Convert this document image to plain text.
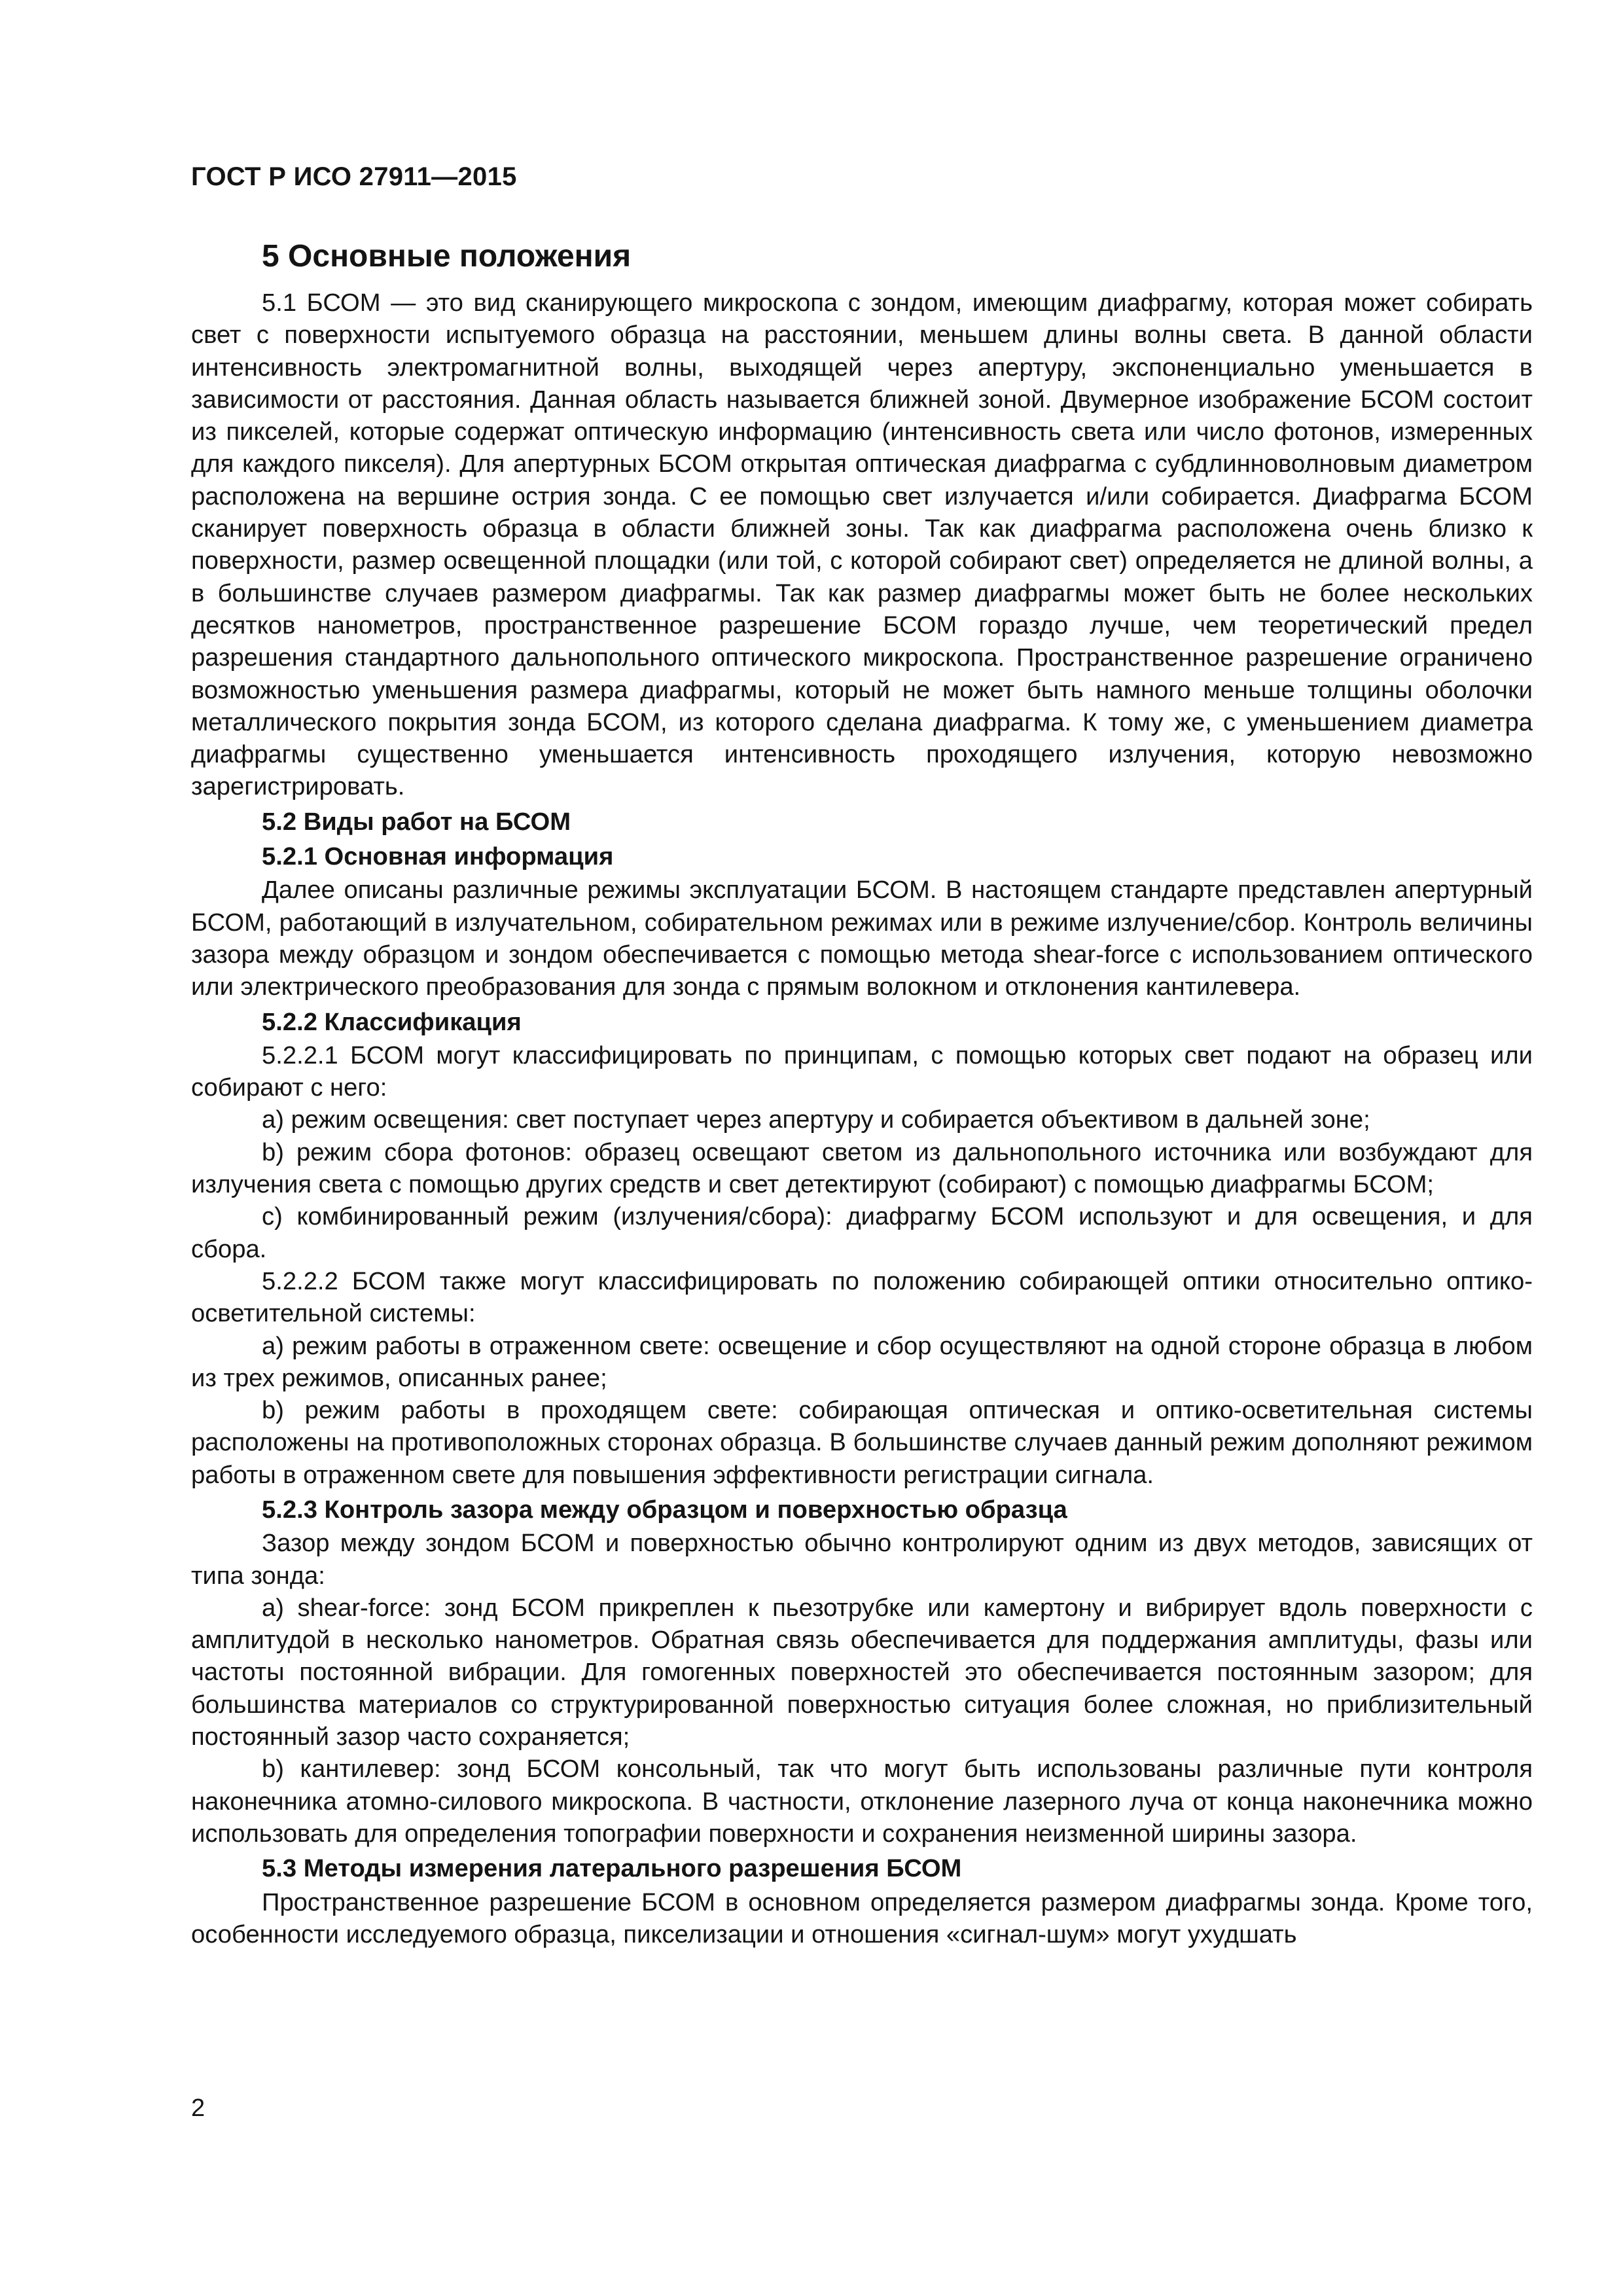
ГОСТ Р ИСО 27911—2015
5 Основные положения

5.1 БСОМ — это вид сканирующего микроскопа с зондом, имеющим диафрагму, которая может собирать свет с поверхности испытуемого образца на расстоянии, меньшем длины волны света. В данной области интенсивность электромагнитной волны, выходящей через апертуру, экспоненциально уменьшается в зависимости от расстояния. Данная область называется ближней зоной. Двумерное изображение БСОМ состоит из пикселей, которые содержат оптическую информацию (интенсивность света или число фотонов, измеренных для каждого пикселя). Для апертурных БСОМ открытая оптическая диафрагма с субдлинноволновым диаметром расположена на вершине острия зонда. С ее помощью свет излучается и/или собирается. Диафрагма БСОМ сканирует поверхность образца в области ближней зоны. Так как диафрагма расположена очень близко к поверхности, размер освещенной площадки (или той, с которой собирают свет) определяется не длиной волны, а в большинстве случаев размером диафрагмы. Так как размер диафрагмы может быть не более нескольких десятков нанометров, пространственное разрешение БСОМ гораздо лучше, чем теоретический предел разрешения стандартного дальнопольного оптического микроскопа. Пространственное разрешение ограничено возможностью уменьшения размера диафрагмы, который не может быть намного меньше толщины оболочки металлического покрытия зонда БСОМ, из которого сделана диафрагма. К тому же, с уменьшением диаметра диафрагмы существенно уменьшается интенсивность проходящего излучения, которую невозможно зарегистрировать.

5.2 Виды работ на БСОМ

5.2.1 Основная информация

Далее описаны различные режимы эксплуатации БСОМ. В настоящем стандарте представлен апертурный БСОМ, работающий в излучательном, собирательном режимах или в режиме излучение/сбор. Контроль величины зазора между образцом и зондом обеспечивается с помощью метода shear-force с использованием оптического или электрического преобразования для зонда с прямым волокном и отклонения кантилевера.

5.2.2 Классификация

5.2.2.1 БСОМ могут классифицировать по принципам, с помощью которых свет подают на образец или собирают с него:

a) режим освещения: свет поступает через апертуру и собирается объективом в дальней зоне;

b) режим сбора фотонов: образец освещают светом из дальнопольного источника или возбуждают для излучения света с помощью других средств и свет детектируют (собирают) с помощью диафрагмы БСОМ;

c) комбинированный режим (излучения/сбора): диафрагму БСОМ используют и для освещения, и для сбора.

5.2.2.2 БСОМ также могут классифицировать по положению собирающей оптики относительно оптико-осветительной системы:

a) режим работы в отраженном свете: освещение и сбор осуществляют на одной стороне образца в любом из трех режимов, описанных ранее;

b) режим работы в проходящем свете: собирающая оптическая и оптико-осветительная системы расположены на противоположных сторонах образца. В большинстве случаев данный режим дополняют режимом работы в отраженном свете для повышения эффективности регистрации сигнала.

5.2.3 Контроль зазора между образцом и поверхностью образца

Зазор между зондом БСОМ и поверхностью обычно контролируют одним из двух методов, зависящих от типа зонда:

a) shear-force: зонд БСОМ прикреплен к пьезотрубке или камертону и вибрирует вдоль поверхности с амплитудой в несколько нанометров. Обратная связь обеспечивается для поддержания амплитуды, фазы или частоты постоянной вибрации. Для гомогенных поверхностей это обеспечивается постоянным зазором; для большинства материалов со структурированной поверхностью ситуация более сложная, но приблизительный постоянный зазор часто сохраняется;

b) кантилевер: зонд БСОМ консольный, так что могут быть использованы различные пути контроля наконечника атомно-силового микроскопа. В частности, отклонение лазерного луча от конца наконечника можно использовать для определения топографии поверхности и сохранения неизменной ширины зазора.

5.3 Методы измерения латерального разрешения БСОМ

Пространственное разрешение БСОМ в основном определяется размером диафрагмы зонда. Кроме того, особенности исследуемого образца, пикселизации и отношения «сигнал-шум» могут ухудшать

2
